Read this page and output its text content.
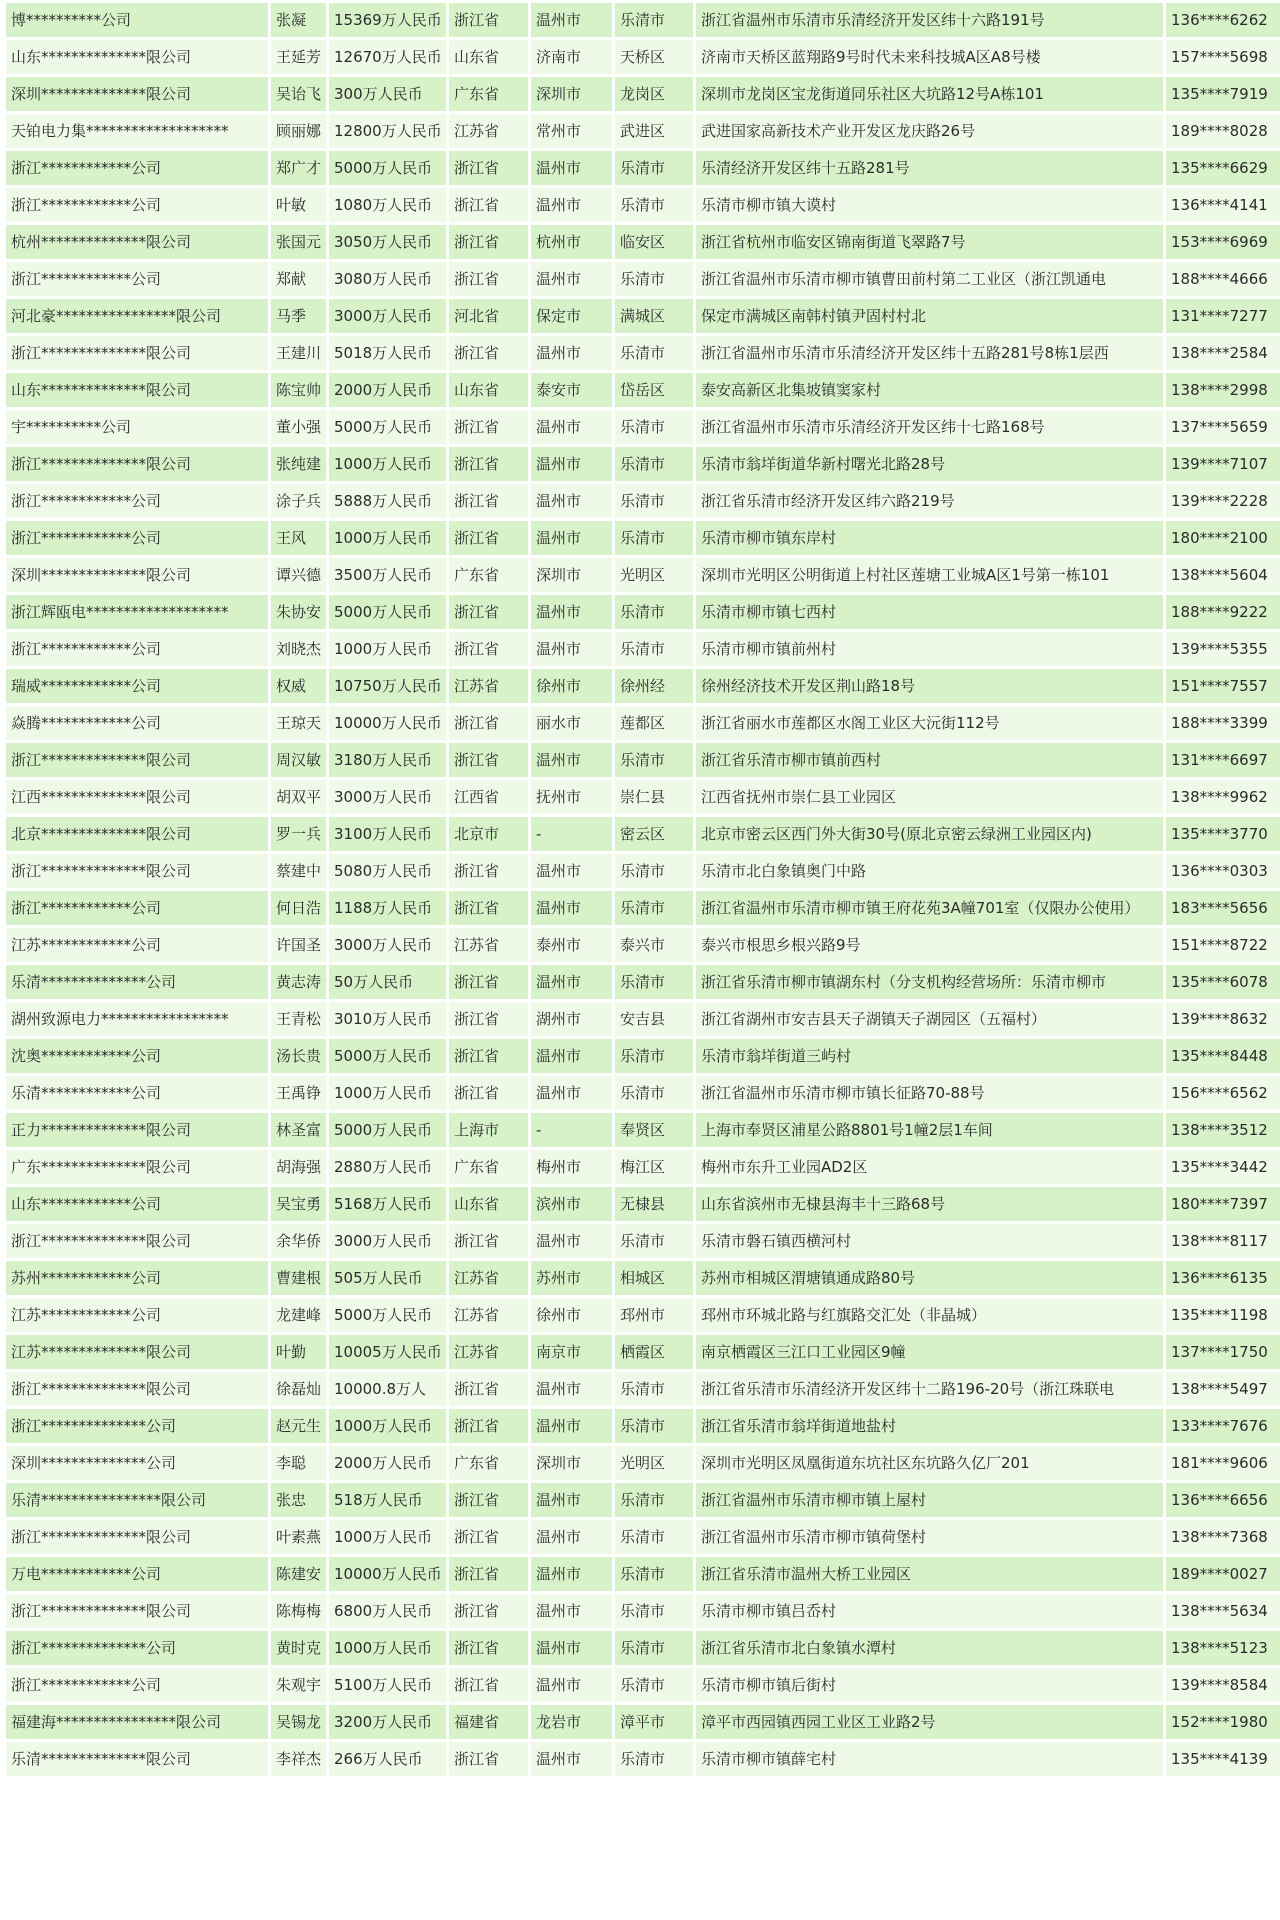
博**********公司	张凝	15369万人民币	浙江省	温州市	乐清市	浙江省温州市乐清市乐清经济开发区纬十六路191号	136****6262
山东**************限公司	王延芳	12670万人民币	山东省	济南市	天桥区	济南市天桥区蓝翔路9号时代未来科技城A区A8号楼	157****5698
深圳**************限公司	吴诒飞	300万人民币	广东省	深圳市	龙岗区	深圳市龙岗区宝龙街道同乐社区大坑路12号A栋101	135****7919
天铂电力集*******************	顾丽娜	12800万人民币	江苏省	常州市	武进区	武进国家高新技术产业开发区龙庆路26号	189****8028
浙江************公司	郑广才	5000万人民币	浙江省	温州市	乐清市	乐清经济开发区纬十五路281号	135****6629
浙江************公司	叶敏	1080万人民币	浙江省	温州市	乐清市	乐清市柳市镇大谟村	136****4141
杭州**************限公司	张国元	3050万人民币	浙江省	杭州市	临安区	浙江省杭州市临安区锦南街道飞翠路7号	153****6969
浙江************公司	郑献	3080万人民币	浙江省	温州市	乐清市	浙江省温州市乐清市柳市镇曹田前村第二工业区（浙江凯通电	188****4666
河北豪****************限公司	马季	3000万人民币	河北省	保定市	满城区	保定市满城区南韩村镇尹固村村北	131****7277
浙江**************限公司	王建川	5018万人民币	浙江省	温州市	乐清市	浙江省温州市乐清市乐清经济开发区纬十五路281号8栋1层西	138****2584
山东**************限公司	陈宝帅	2000万人民币	山东省	泰安市	岱岳区	泰安高新区北集坡镇窦家村	138****2998
宇**********公司	董小强	5000万人民币	浙江省	温州市	乐清市	浙江省温州市乐清市乐清经济开发区纬十七路168号	137****5659
浙江**************限公司	张纯建	1000万人民币	浙江省	温州市	乐清市	乐清市翁垟街道华新村曙光北路28号	139****7107
浙江************公司	涂子兵	5888万人民币	浙江省	温州市	乐清市	浙江省乐清市经济开发区纬六路219号	139****2228
浙江************公司	王风	1000万人民币	浙江省	温州市	乐清市	乐清市柳市镇东岸村	180****2100
深圳**************限公司	谭兴德	3500万人民币	广东省	深圳市	光明区	深圳市光明区公明街道上村社区莲塘工业城A区1号第一栋101	138****5604
浙江辉瓯电*******************	朱协安	5000万人民币	浙江省	温州市	乐清市	乐清市柳市镇七西村	188****9222
浙江************公司	刘晓杰	1000万人民币	浙江省	温州市	乐清市	乐清市柳市镇前州村	139****5355
瑞威************公司	权威	10750万人民币	江苏省	徐州市	徐州经	徐州经济技术开发区荆山路18号	151****7557
焱腾************公司	王琼天	10000万人民币	浙江省	丽水市	莲都区	浙江省丽水市莲都区水阁工业区大沅街112号	188****3399
浙江**************限公司	周汉敏	3180万人民币	浙江省	温州市	乐清市	浙江省乐清市柳市镇前西村	131****6697
江西**************限公司	胡双平	3000万人民币	江西省	抚州市	崇仁县	江西省抚州市崇仁县工业园区	138****9962
北京**************限公司	罗一兵	3100万人民币	北京市	-	密云区	北京市密云区西门外大街30号(原北京密云绿洲工业园区内)	135****3770
浙江**************限公司	蔡建中	5080万人民币	浙江省	温州市	乐清市	乐清市北白象镇奥门中路	136****0303
浙江************公司	何日浩	1188万人民币	浙江省	温州市	乐清市	浙江省温州市乐清市柳市镇王府花苑3A幢701室（仅限办公使用）	183****5656
江苏************公司	许国圣	3000万人民币	江苏省	泰州市	泰兴市	泰兴市根思乡根兴路9号	151****8722
乐清**************公司	黄志涛	50万人民币	浙江省	温州市	乐清市	浙江省乐清市柳市镇湖东村（分支机构经营场所：乐清市柳市	135****6078
湖州致源电力*****************	王青松	3010万人民币	浙江省	湖州市	安吉县	浙江省湖州市安吉县天子湖镇天子湖园区（五福村）	139****8632
沈奥************公司	汤长贵	5000万人民币	浙江省	温州市	乐清市	乐清市翁垟街道三屿村	135****8448
乐清************公司	王禹铮	1000万人民币	浙江省	温州市	乐清市	浙江省温州市乐清市柳市镇长征路70-88号	156****6562
正力**************限公司	林圣富	5000万人民币	上海市	-	奉贤区	上海市奉贤区浦星公路8801号1幢2层1车间	138****3512
广东**************限公司	胡海强	2880万人民币	广东省	梅州市	梅江区	梅州市东升工业园AD2区	135****3442
山东************公司	吴宝勇	5168万人民币	山东省	滨州市	无棣县	山东省滨州市无棣县海丰十三路68号	180****7397
浙江**************限公司	余华侨	3000万人民币	浙江省	温州市	乐清市	乐清市磐石镇西横河村	138****8117
苏州************公司	曹建根	505万人民币	江苏省	苏州市	相城区	苏州市相城区渭塘镇通成路80号	136****6135
江苏************公司	龙建峰	5000万人民币	江苏省	徐州市	邳州市	邳州市环城北路与红旗路交汇处（非晶城）	135****1198
江苏**************限公司	叶勤	10005万人民币	江苏省	南京市	栖霞区	南京栖霞区三江口工业园区9幢	137****1750
浙江**************限公司	徐磊灿	10000.8万人	浙江省	温州市	乐清市	浙江省乐清市乐清经济开发区纬十二路196-20号（浙江珠联电	138****5497
浙江**************公司	赵元生	1000万人民币	浙江省	温州市	乐清市	浙江省乐清市翁垟街道地盐村	133****7676
深圳**************公司	李聪	2000万人民币	广东省	深圳市	光明区	深圳市光明区凤凰街道东坑社区东坑路久亿厂201	181****9606
乐清****************限公司	张忠	518万人民币	浙江省	温州市	乐清市	浙江省温州市乐清市柳市镇上屋村	136****6656
浙江**************限公司	叶素燕	1000万人民币	浙江省	温州市	乐清市	浙江省温州市乐清市柳市镇荷堡村	138****7368
万电************公司	陈建安	10000万人民币	浙江省	温州市	乐清市	浙江省乐清市温州大桥工业园区	189****0027
浙江**************限公司	陈梅梅	6800万人民币	浙江省	温州市	乐清市	乐清市柳市镇吕岙村	138****5634
浙江**************公司	黄时克	1000万人民币	浙江省	温州市	乐清市	浙江省乐清市北白象镇水潭村	138****5123
浙江************公司	朱观宇	5100万人民币	浙江省	温州市	乐清市	乐清市柳市镇后街村	139****8584
福建海****************限公司	吴锡龙	3200万人民币	福建省	龙岩市	漳平市	漳平市西园镇西园工业区工业路2号	152****1980
乐清**************限公司	李祥杰	266万人民币	浙江省	温州市	乐清市	乐清市柳市镇薛宅村	135****4139
